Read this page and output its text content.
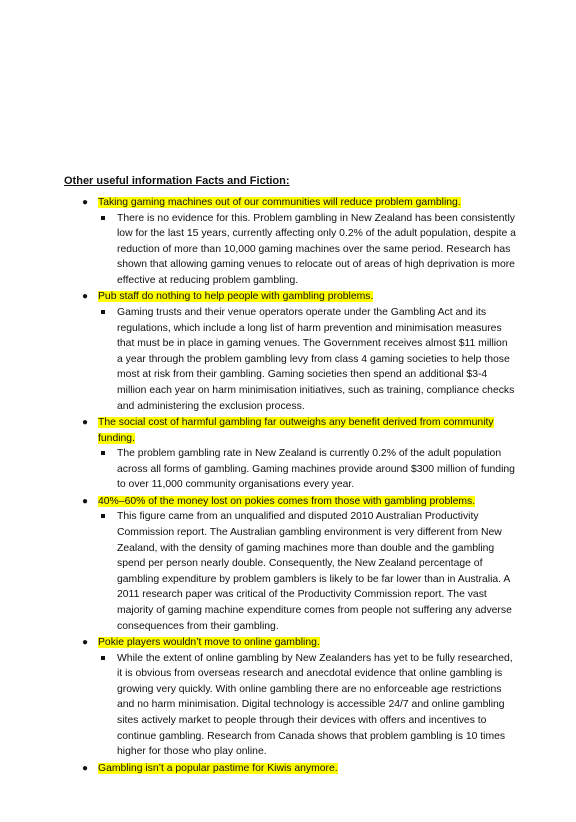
Other useful information Facts and Fiction:
● Taking gaming machines out of our communities will reduce problem gambling.
There is no evidence for this. Problem gambling in New Zealand has been consistently low for the last 15 years, currently affecting only 0.2% of the adult population, despite a reduction of more than 10,000 gaming machines over the same period. Research has shown that allowing gaming venues to relocate out of areas of high deprivation is more effective at reducing problem gambling.
● Pub staff do nothing to help people with gambling problems.
Gaming trusts and their venue operators operate under the Gambling Act and its regulations, which include a long list of harm prevention and minimisation measures that must be in place in gaming venues. The Government receives almost $11 million a year through the problem gambling levy from class 4 gaming societies to help those most at risk from their gambling. Gaming societies then spend an additional $3-4 million each year on harm minimisation initiatives, such as training, compliance checks and administering the exclusion process.
● The social cost of harmful gambling far outweighs any benefit derived from community funding.
The problem gambling rate in New Zealand is currently 0.2% of the adult population across all forms of gambling. Gaming machines provide around $300 million of funding to over 11,000 community organisations every year.
● 40%–60% of the money lost on pokies comes from those with gambling problems.
This figure came from an unqualified and disputed 2010 Australian Productivity Commission report. The Australian gambling environment is very different from New Zealand, with the density of gaming machines more than double and the gambling spend per person nearly double. Consequently, the New Zealand percentage of gambling expenditure by problem gamblers is likely to be far lower than in Australia. A 2011 research paper was critical of the Productivity Commission report. The vast majority of gaming machine expenditure comes from people not suffering any adverse consequences from their gambling.
● Pokie players wouldn’t move to online gambling.
While the extent of online gambling by New Zealanders has yet to be fully researched, it is obvious from overseas research and anecdotal evidence that online gambling is growing very quickly. With online gambling there are no enforceable age restrictions and no harm minimisation. Digital technology is accessible 24/7 and online gambling sites actively market to people through their devices with offers and incentives to continue gambling. Research from Canada shows that problem gambling is 10 times higher for those who play online.
● Gambling isn’t a popular pastime for Kiwis anymore.
